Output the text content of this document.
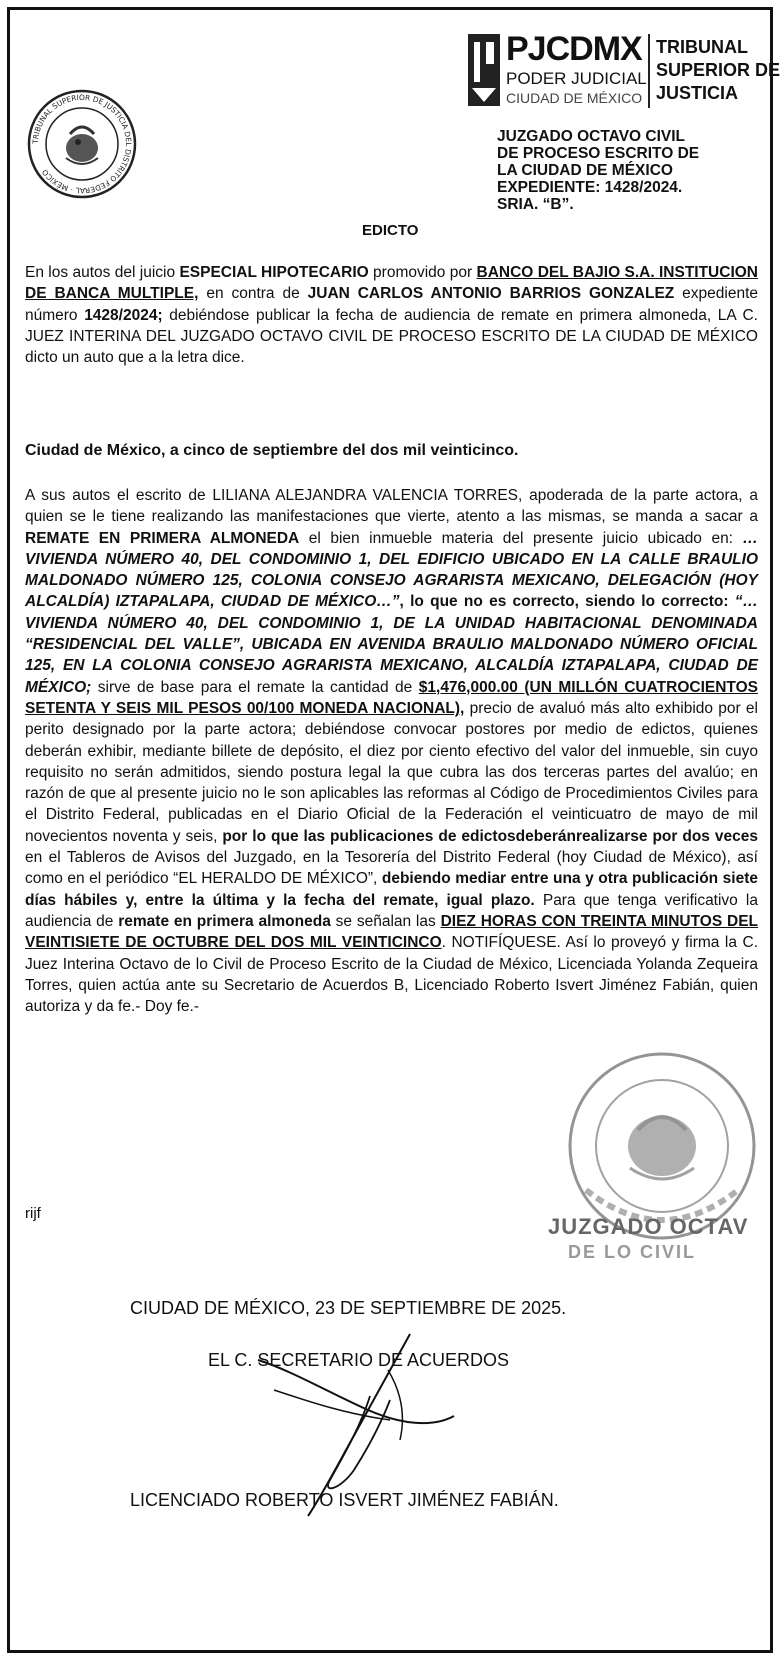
TRIBUNAL SUPERIOR DE JUSTICIA DEL DISTRITO FEDERAL · MÉXICO
PJCDMX
PODER JUDICIAL
CIUDAD DE MÉXICO
TRIBUNAL
SUPERIOR DE
JUSTICIA
JUZGADO OCTAVO CIVIL
DE PROCESO ESCRITO DE
LA CIUDAD DE MÉXICO
EXPEDIENTE: 1428/2024.
SRIA. “B”.
EDICTO

En los autos del juicio ESPECIAL HIPOTECARIO promovido por BANCO DEL BAJIO S.A. INSTITUCION DE BANCA MULTIPLE, en contra de JUAN CARLOS ANTONIO BARRIOS GONZALEZ expediente número 1428/2024; debiéndose publicar la fecha de audiencia de remate en primera almoneda, LA C. JUEZ INTERINA DEL JUZGADO OCTAVO CIVIL DE PROCESO ESCRITO DE LA CIUDAD DE MÉXICO dicto un auto que a la letra dice.

Ciudad de México, a cinco de septiembre del dos mil veinticinco.

A sus autos el escrito de LILIANA ALEJANDRA VALENCIA TORRES, apoderada de la parte actora, a quien se le tiene realizando las manifestaciones que vierte, atento a las mismas, se manda a sacar a REMATE EN PRIMERA ALMONEDA el bien inmueble materia del presente juicio ubicado en: …VIVIENDA NÚMERO 40, DEL CONDOMINIO 1, DEL EDIFICIO UBICADO EN LA CALLE BRAULIO MALDONADO NÚMERO 125, COLONIA CONSEJO AGRARISTA MEXICANO, DELEGACIÓN (HOY ALCALDÍA) IZTAPALAPA, CIUDAD DE MÉXICO…”, lo que no es correcto, siendo lo correcto: “…VIVIENDA NÚMERO 40, DEL CONDOMINIO 1, DE LA UNIDAD HABITACIONAL DENOMINADA “RESIDENCIAL DEL VALLE”, UBICADA EN AVENIDA BRAULIO MALDONADO NÚMERO OFICIAL 125, EN LA COLONIA CONSEJO AGRARISTA MEXICANO, ALCALDÍA IZTAPALAPA, CIUDAD DE MÉXICO; sirve de base para el remate la cantidad de $1,476,000.00 (UN MILLÓN CUATROCIENTOS SETENTA Y SEIS MIL PESOS 00/100 MONEDA NACIONAL), precio de avaluó más alto exhibido por el perito designado por la parte actora; debiéndose convocar postores por medio de edictos, quienes deberán exhibir, mediante billete de depósito, el diez por ciento efectivo del valor del inmueble, sin cuyo requisito no serán admitidos, siendo postura legal la que cubra las dos terceras partes del avalúo; en razón de que al presente juicio no le son aplicables las reformas al Código de Procedimientos Civiles para el Distrito Federal, publicadas en el Diario Oficial de la Federación el veinticuatro de mayo de mil novecientos noventa y seis, por lo que las publicaciones de edictosdeberánrealizarse por dos veces en el Tableros de Avisos del Juzgado, en la Tesorería del Distrito Federal (hoy Ciudad de México), así como en el periódico “EL HERALDO DE MÉXICO”, debiendo mediar entre una y otra publicación siete días hábiles y, entre la última y la fecha del remate, igual plazo. Para que tenga verificativo la audiencia de remate en primera almoneda se señalan las DIEZ HORAS CON TREINTA MINUTOS DEL VEINTISIETE DE OCTUBRE DEL DOS MIL VEINTICINCO. NOTIFÍQUESE. Así lo proveyó y firma la C. Juez Interina Octavo de lo Civil de Proceso Escrito de la Ciudad de México, Licenciada Yolanda Zequeira Torres, quien actúa ante su Secretario de Acuerdos B, Licenciado Roberto Isvert Jiménez Fabián, quien autoriza y da fe.- Doy fe.-

rijf
JUZGADO OCTAV
DE LO CIVIL
CIUDAD DE MÉXICO, 23 DE SEPTIEMBRE DE 2025.
EL C. SECRETARIO DE ACUERDOS
LICENCIADO ROBERTO ISVERT JIMÉNEZ FABIÁN.
